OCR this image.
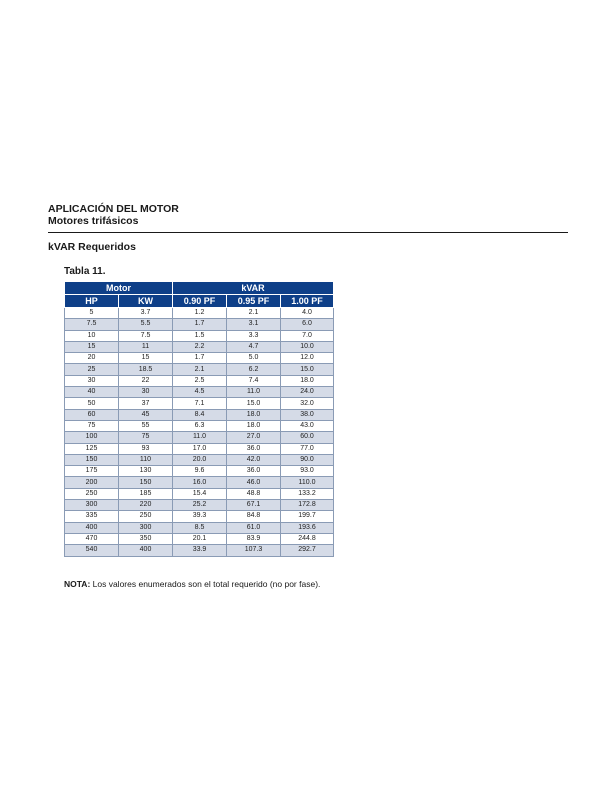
APLICACIÓN DEL MOTOR
Motores trifásicos
kVAR Requeridos
Tabla 11.
Motor		kVAR		
HP	KW	0.90 PF	0.95 PF	1.00 PF
5	3.7	1.2	2.1	4.0
7.5	5.5	1.7	3.1	6.0
10	7.5	1.5	3.3	7.0
15	11	2.2	4.7	10.0
20	15	1.7	5.0	12.0
25	18.5	2.1	6.2	15.0
30	22	2.5	7.4	18.0
40	30	4.5	11.0	24.0
50	37	7.1	15.0	32.0
60	45	8.4	18.0	38.0
75	55	6.3	18.0	43.0
100	75	11.0	27.0	60.0
125	93	17.0	36.0	77.0
150	110	20.0	42.0	90.0
175	130	9.6	36.0	93.0
200	150	16.0	46.0	110.0
250	185	15.4	48.8	133.2
300	220	25.2	67.1	172.8
335	250	39.3	84.8	199.7
400	300	8.5	61.0	193.6
470	350	20.1	83.9	244.8
540	400	33.9	107.3	292.7
NOTA: Los valores enumerados son el total requerido (no por fase).
